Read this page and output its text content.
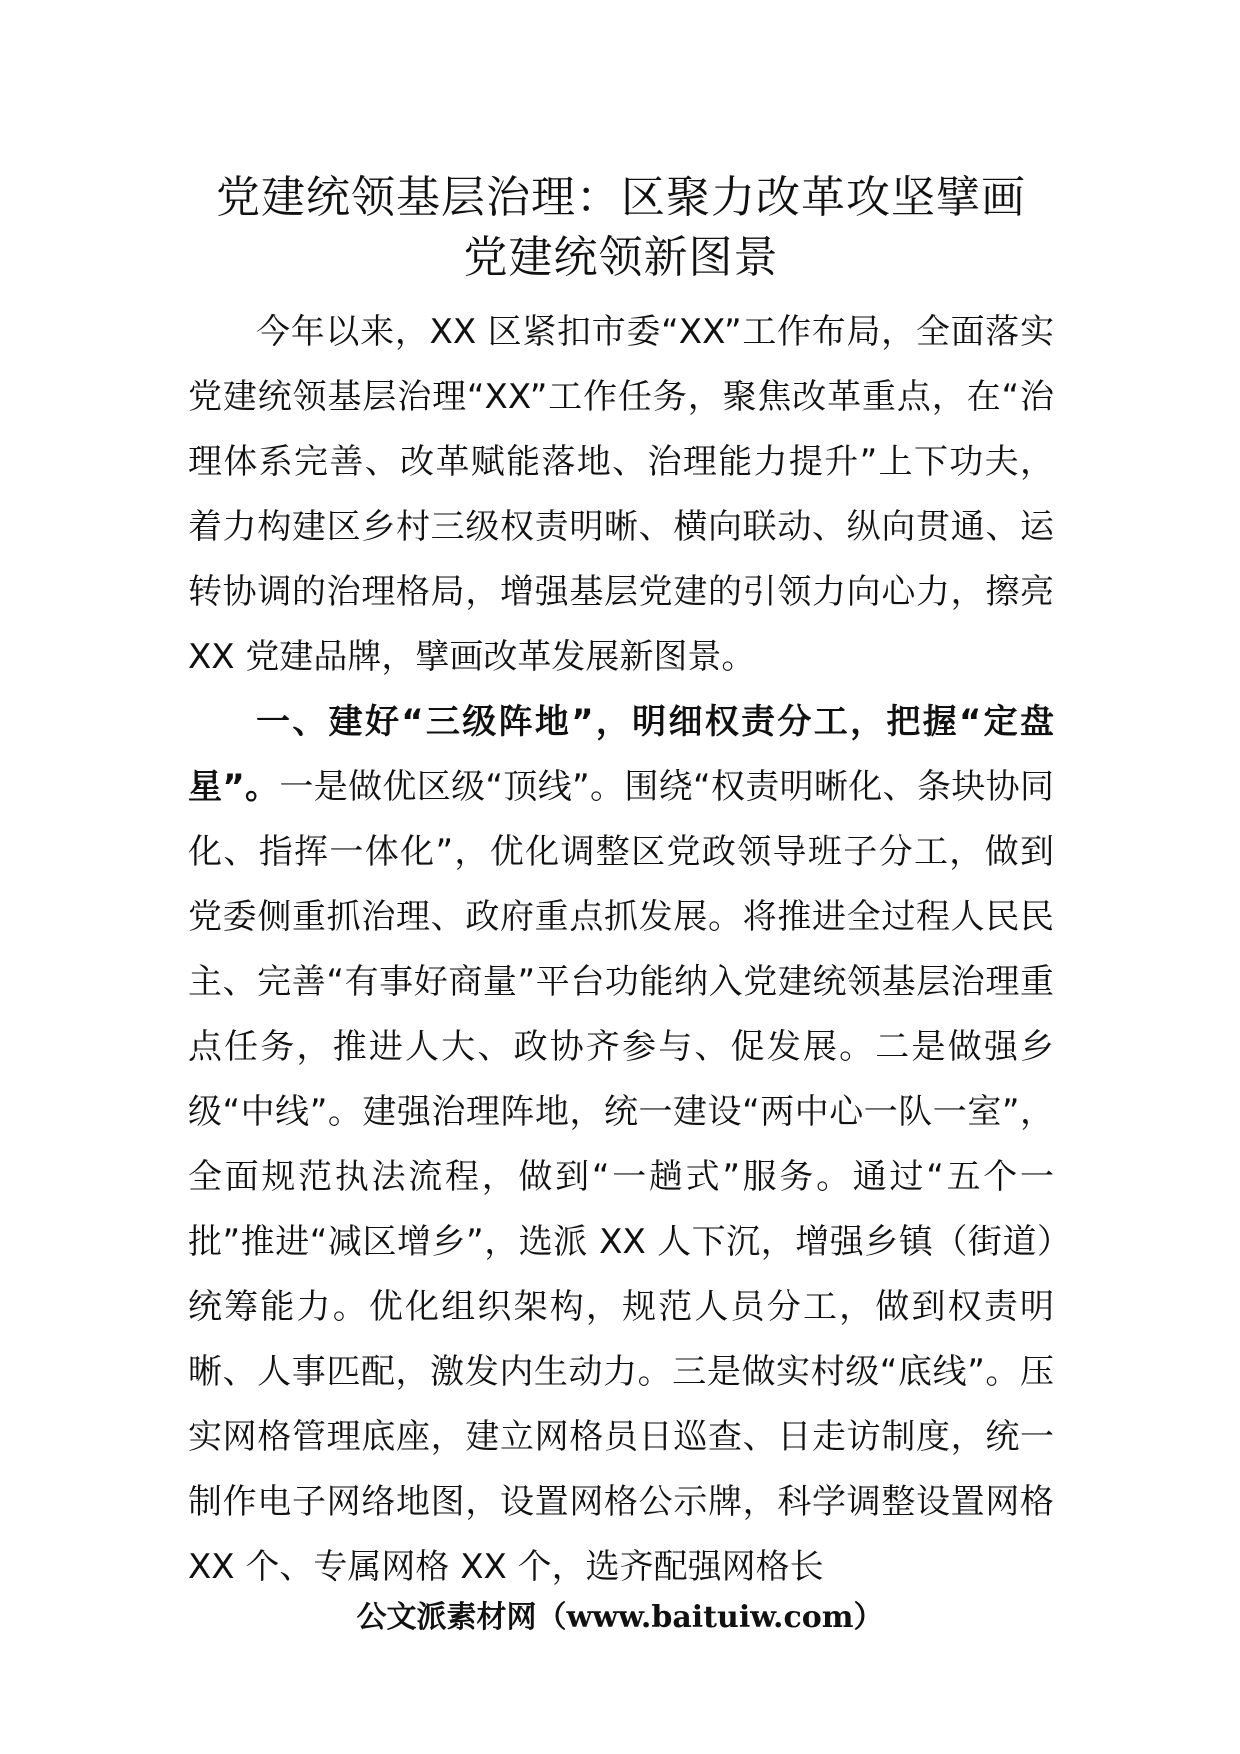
党建统领基层治理：区聚力改革攻坚擘画
党建统领新图景

今年以来，XX 区紧扣市委“XX”工作布局，全面落实党建统领基层治理“XX”工作任务，聚焦改革重点，在“治理体系完善、改革赋能落地、治理能力提升”上下功夫，着力构建区乡村三级权责明晰、横向联动、纵向贯通、运转协调的治理格局，增强基层党建的引领力向心力，擦亮 XX 党建品牌，擘画改革发展新图景。

一、建好“三级阵地”，明细权责分工，把握“定盘星”。一是做优区级“顶线”。围绕“权责明晰化、条块协同化、指挥一体化”，优化调整区党政领导班子分工，做到党委侧重抓治理、政府重点抓发展。将推进全过程人民民主、完善“有事好商量”平台功能纳入党建统领基层治理重点任务，推进人大、政协齐参与、促发展。二是做强乡级“中线”。建强治理阵地，统一建设“两中心一队一室”，全面规范执法流程，做到“一趟式”服务。通过“五个一批”推进“减区增乡”，选派 XX 人下沉，增强乡镇（街道）统筹能力。优化组织架构，规范人员分工，做到权责明晰、人事匹配，激发内生动力。三是做实村级“底线”。压实网格管理底座，建立网格员日巡查、日走访制度，统一制作电子网络地图，设置网格公示牌，科学调整设置网格 XX 个、专属网格 XX 个，选齐配强网格长

公文派素材网（www.baituiw.com）
